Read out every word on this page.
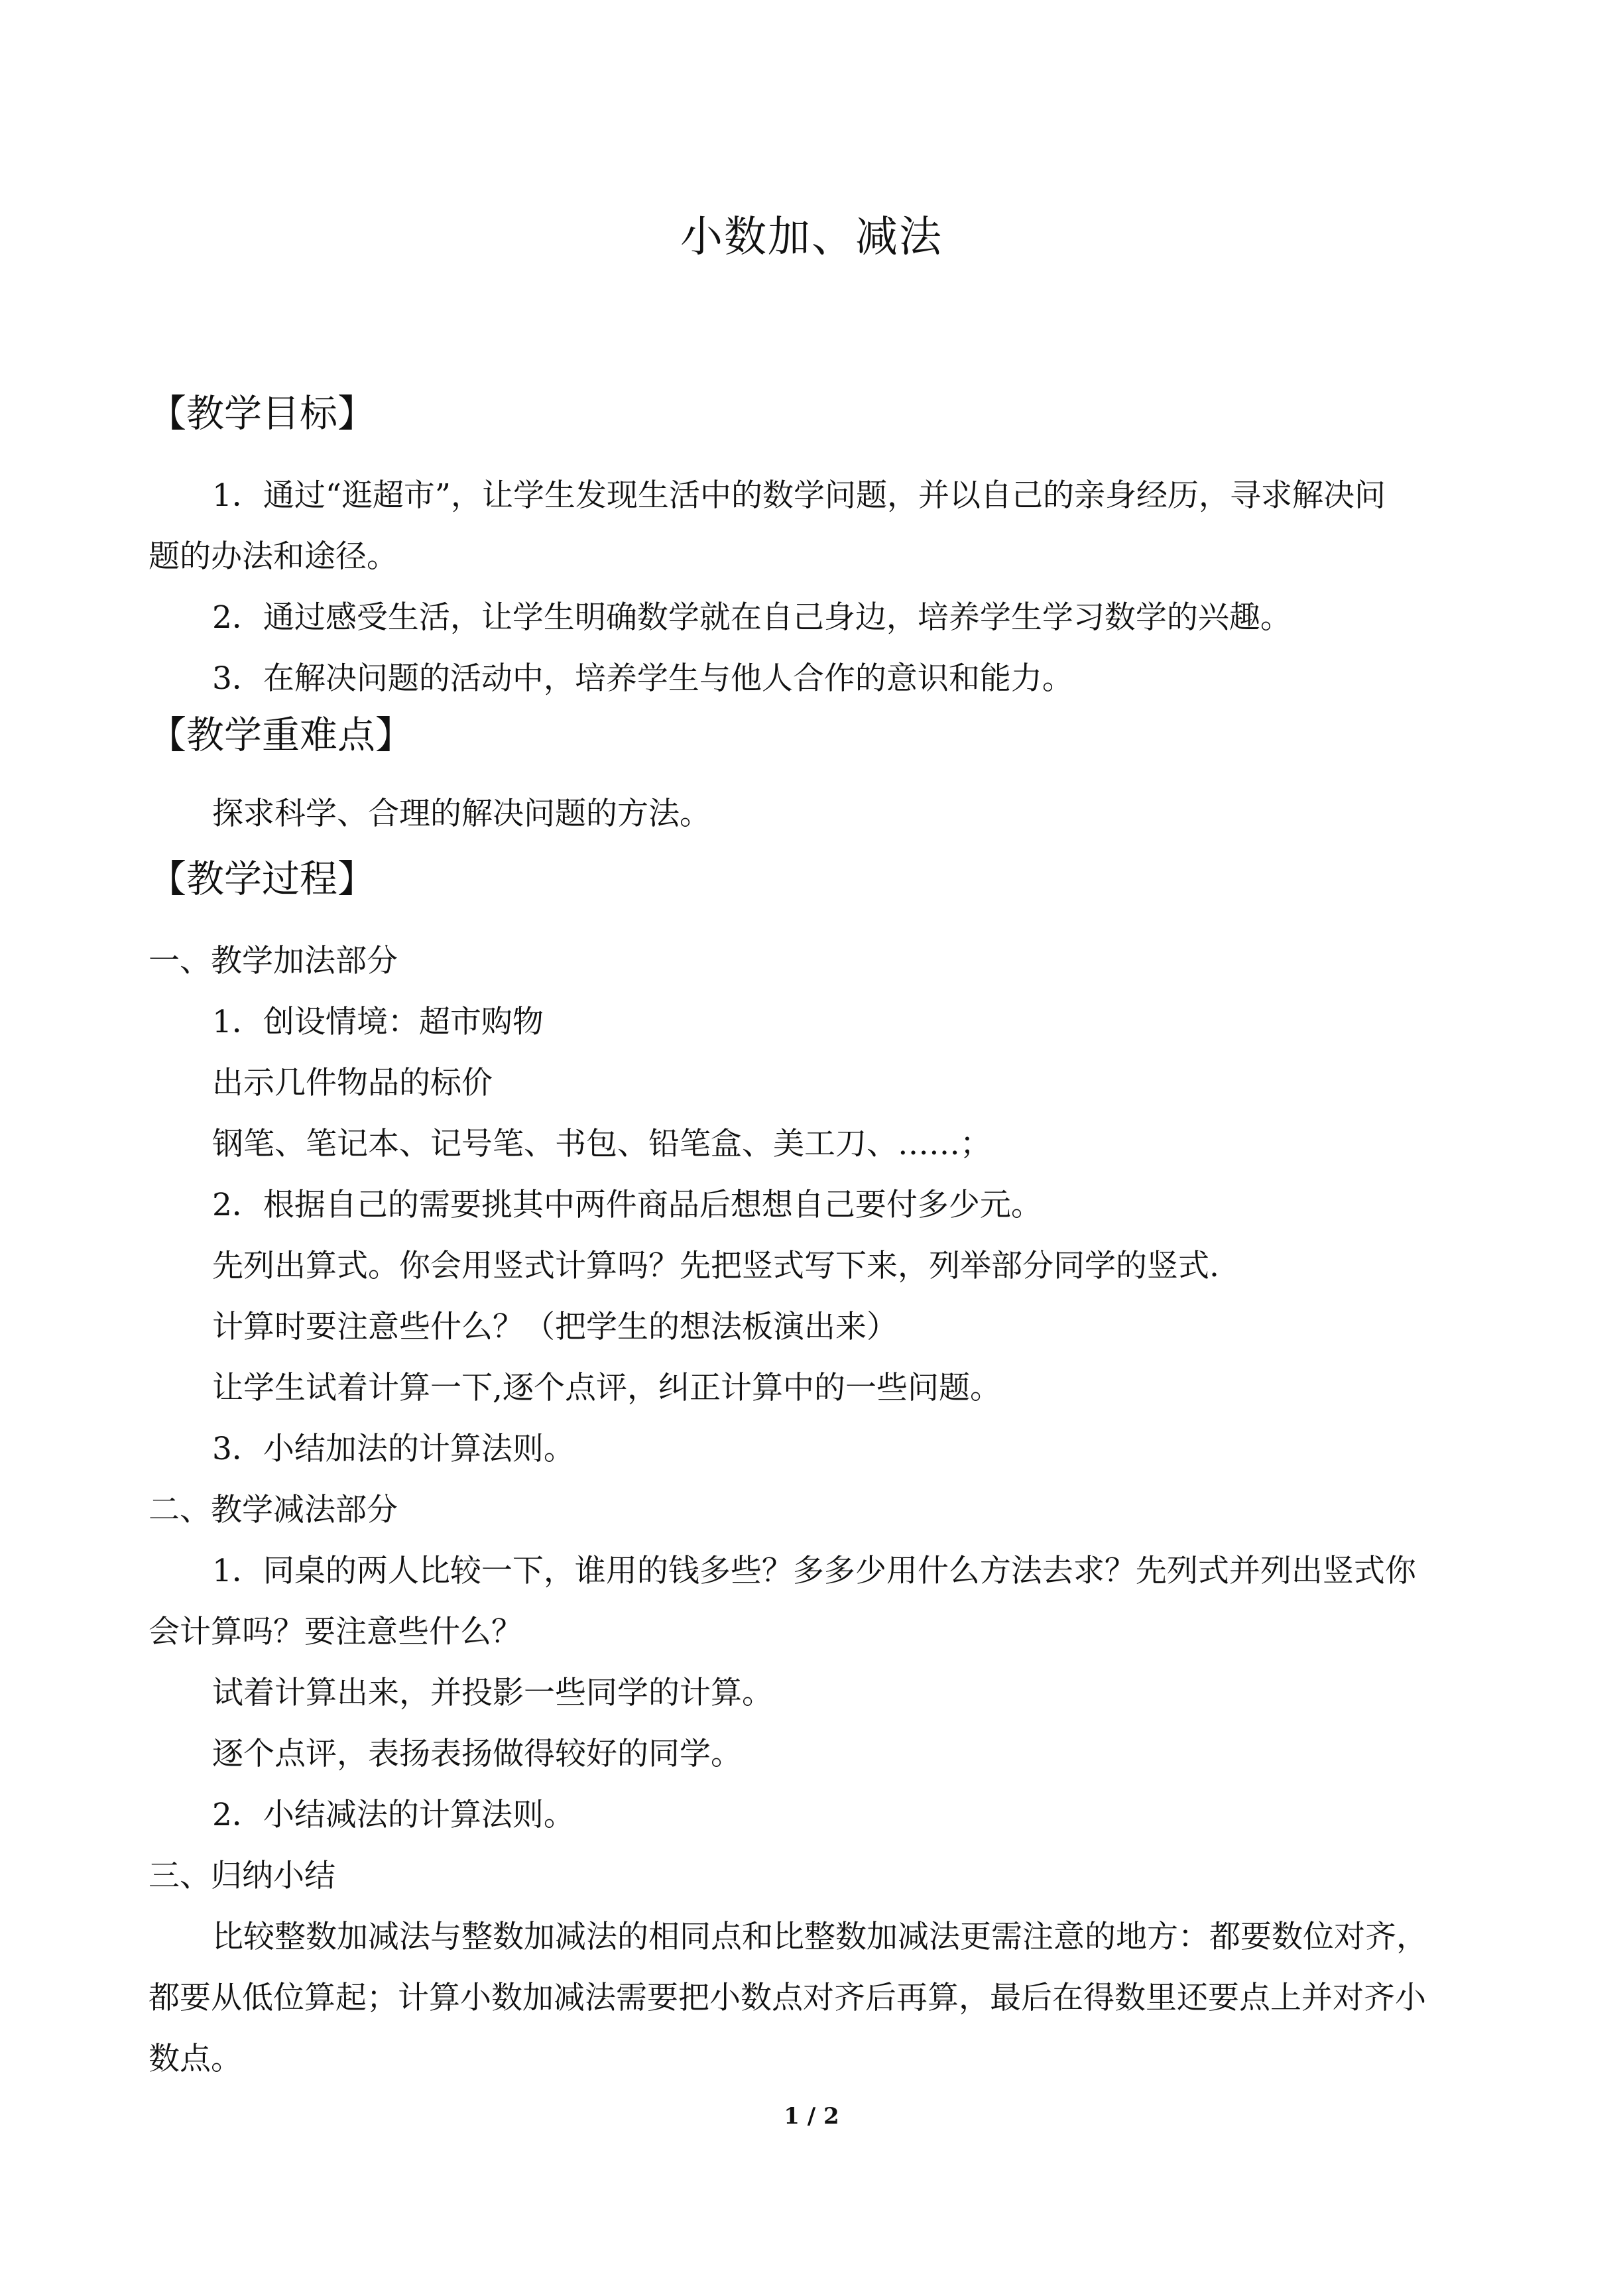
小数加、减法
【教学目标】
1．通过“逛超市”，让学生发现生活中的数学问题，并以自己的亲身经历，寻求解决问
题的办法和途径。
2．通过感受生活，让学生明确数学就在自己身边，培养学生学习数学的兴趣。
3．在解决问题的活动中，培养学生与他人合作的意识和能力。
【教学重难点】
探求科学、合理的解决问题的方法。
【教学过程】
一、教学加法部分
1．创设情境：超市购物
出示几件物品的标价
钢笔、笔记本、记号笔、书包、铅笔盒、美工刀、……；
2．根据自己的需要挑其中两件商品后想想自己要付多少元。
先列出算式。你会用竖式计算吗？先把竖式写下来，列举部分同学的竖式.
计算时要注意些什么？（把学生的想法板演出来）
让学生试着计算一下,逐个点评，纠正计算中的一些问题。
3．小结加法的计算法则。
二、教学减法部分
1．同桌的两人比较一下，谁用的钱多些？多多少用什么方法去求？先列式并列出竖式你
会计算吗？要注意些什么？
试着计算出来，并投影一些同学的计算。
逐个点评，表扬表扬做得较好的同学。
2．小结减法的计算法则。
三、归纳小结
比较整数加减法与整数加减法的相同点和比整数加减法更需注意的地方：都要数位对齐，
都要从低位算起；计算小数加减法需要把小数点对齐后再算，最后在得数里还要点上并对齐小
数点。
1 / 2
